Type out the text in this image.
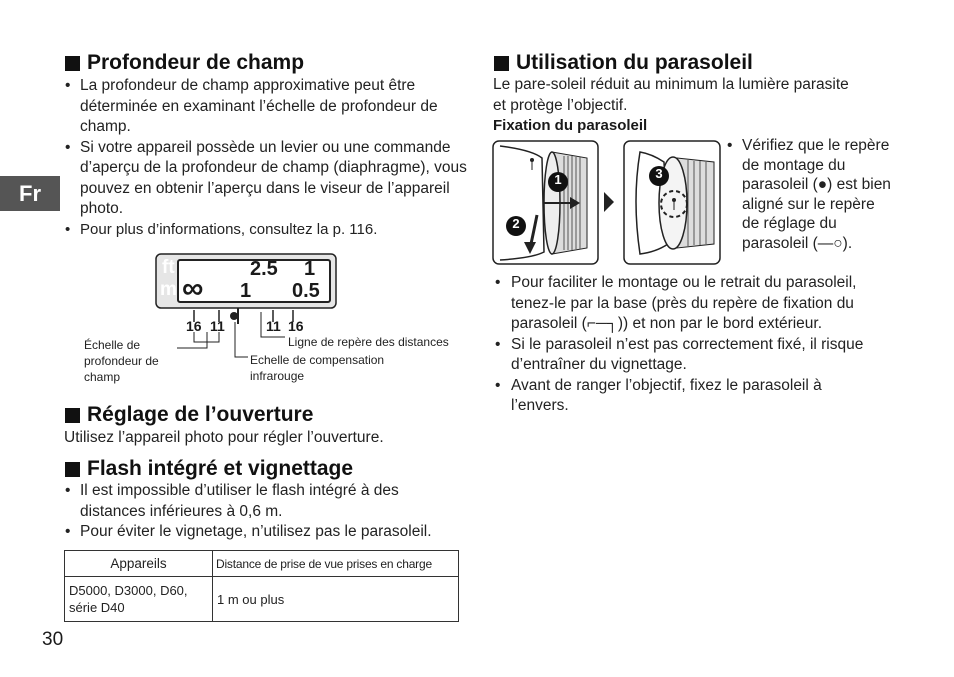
Fr
Profondeur de champ
• La profondeur de champ approximative peut être déterminée en examinant l’échelle de profondeur de champ.
• Si votre appareil possède un levier ou une commande d’aperçu de la profondeur de champ (diaphragme), vous pouvez en obtenir l’aperçu dans le viseur de l’appareil photo.
• Pour plus d’informations, consultez la p. 116.
ft
m
2.5 1
∞ 1 0.5
16 11	11 16
Échelle de profondeur de champ
Ligne de repère des distances
Echelle de compensation infrarouge
Réglage de l’ouverture
Utilisez l’appareil photo pour régler l’ouverture.
Flash intégré et vignettage
• Il est impossible d’utiliser le flash intégré à des distances inférieures à 0,6 m.
• Pour éviter le vignetage, n’utilisez pas le parasoleil.
Appareils	Distance de prise de vue prises en charge
D5000, D3000, D60, série D40	1 m ou plus
30
Utilisation du parasoleil
Le pare-soleil réduit au minimum la lumière parasite et protège l’objectif.
Fixation du parasoleil
1
2
3
• Vérifiez que le repère de montage du parasoleil (●) est bien aligné sur le repère de réglage du parasoleil (—○).
• Pour faciliter le montage ou le retrait du parasoleil, tenez-le par la base (près du repère de fixation du parasoleil (⌐─┐)) et non par le bord extérieur.
• Si le parasoleil n’est pas correctement fixé, il risque d’entraîner du vignettage.
• Avant de ranger l’objectif, fixez le parasoleil à l’envers.
